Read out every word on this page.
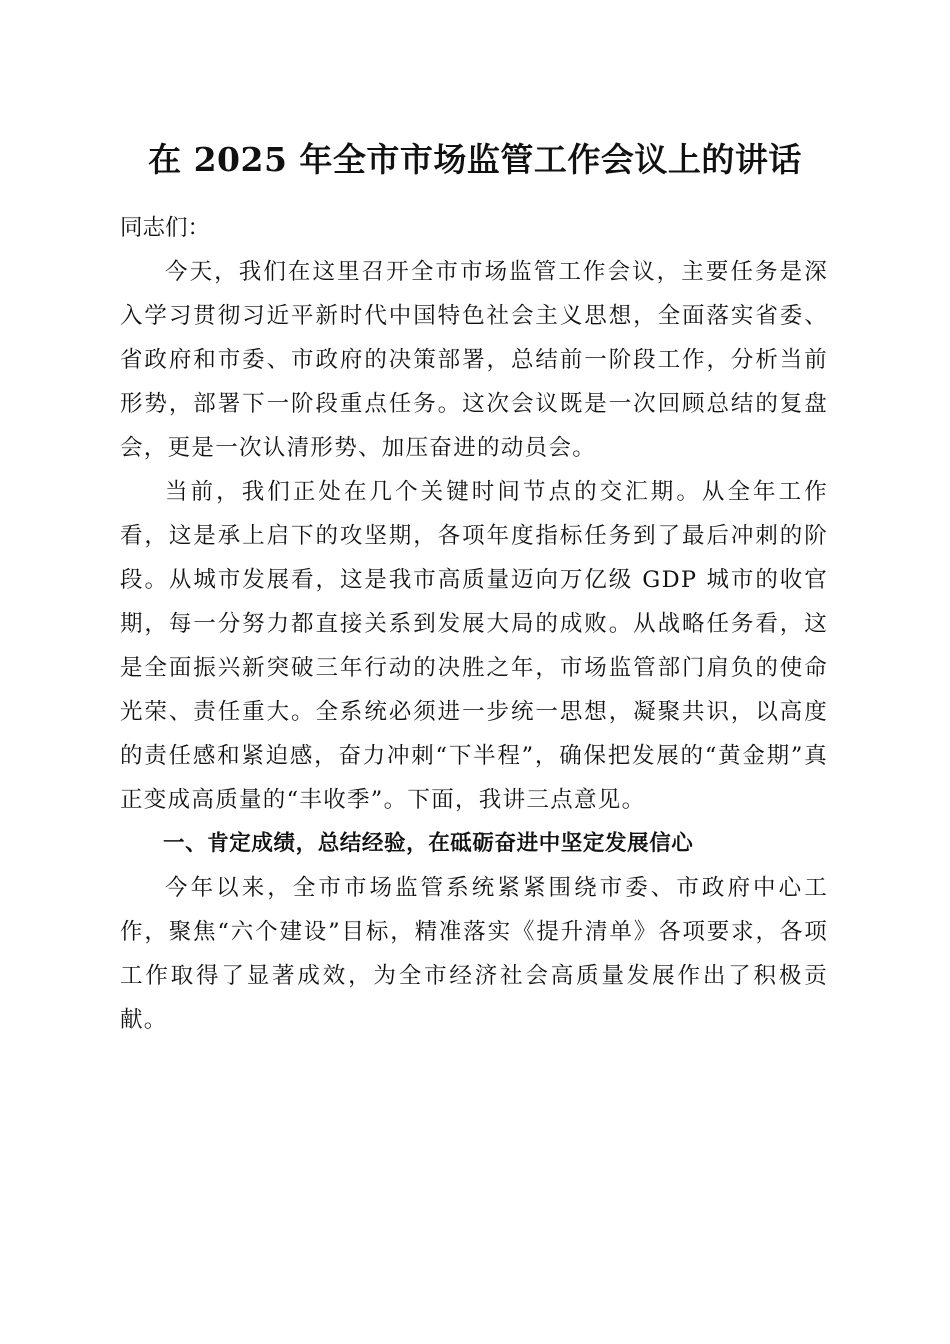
在 2025 年全市市场监管工作会议上的讲话

同志们：

今天，我们在这里召开全市市场监管工作会议，主要任务是深入学习贯彻习近平新时代中国特色社会主义思想，全面落实省委、省政府和市委、市政府的决策部署，总结前一阶段工作，分析当前形势，部署下一阶段重点任务。这次会议既是一次回顾总结的复盘会，更是一次认清形势、加压奋进的动员会。

当前，我们正处在几个关键时间节点的交汇期。从全年工作看，这是承上启下的攻坚期，各项年度指标任务到了最后冲刺的阶段。从城市发展看，这是我市高质量迈向万亿级 GDP 城市的收官期，每一分努力都直接关系到发展大局的成败。从战略任务看，这是全面振兴新突破三年行动的决胜之年，市场监管部门肩负的使命光荣、责任重大。全系统必须进一步统一思想，凝聚共识，以高度的责任感和紧迫感，奋力冲刺“下半程”，确保把发展的“黄金期”真正变成高质量的“丰收季”。下面，我讲三点意见。

一、肯定成绩，总结经验，在砥砺奋进中坚定发展信心

今年以来，全市市场监管系统紧紧围绕市委、市政府中心工作，聚焦“六个建设”目标，精准落实《提升清单》各项要求，各项工作取得了显著成效，为全市经济社会高质量发展作出了积极贡献。
